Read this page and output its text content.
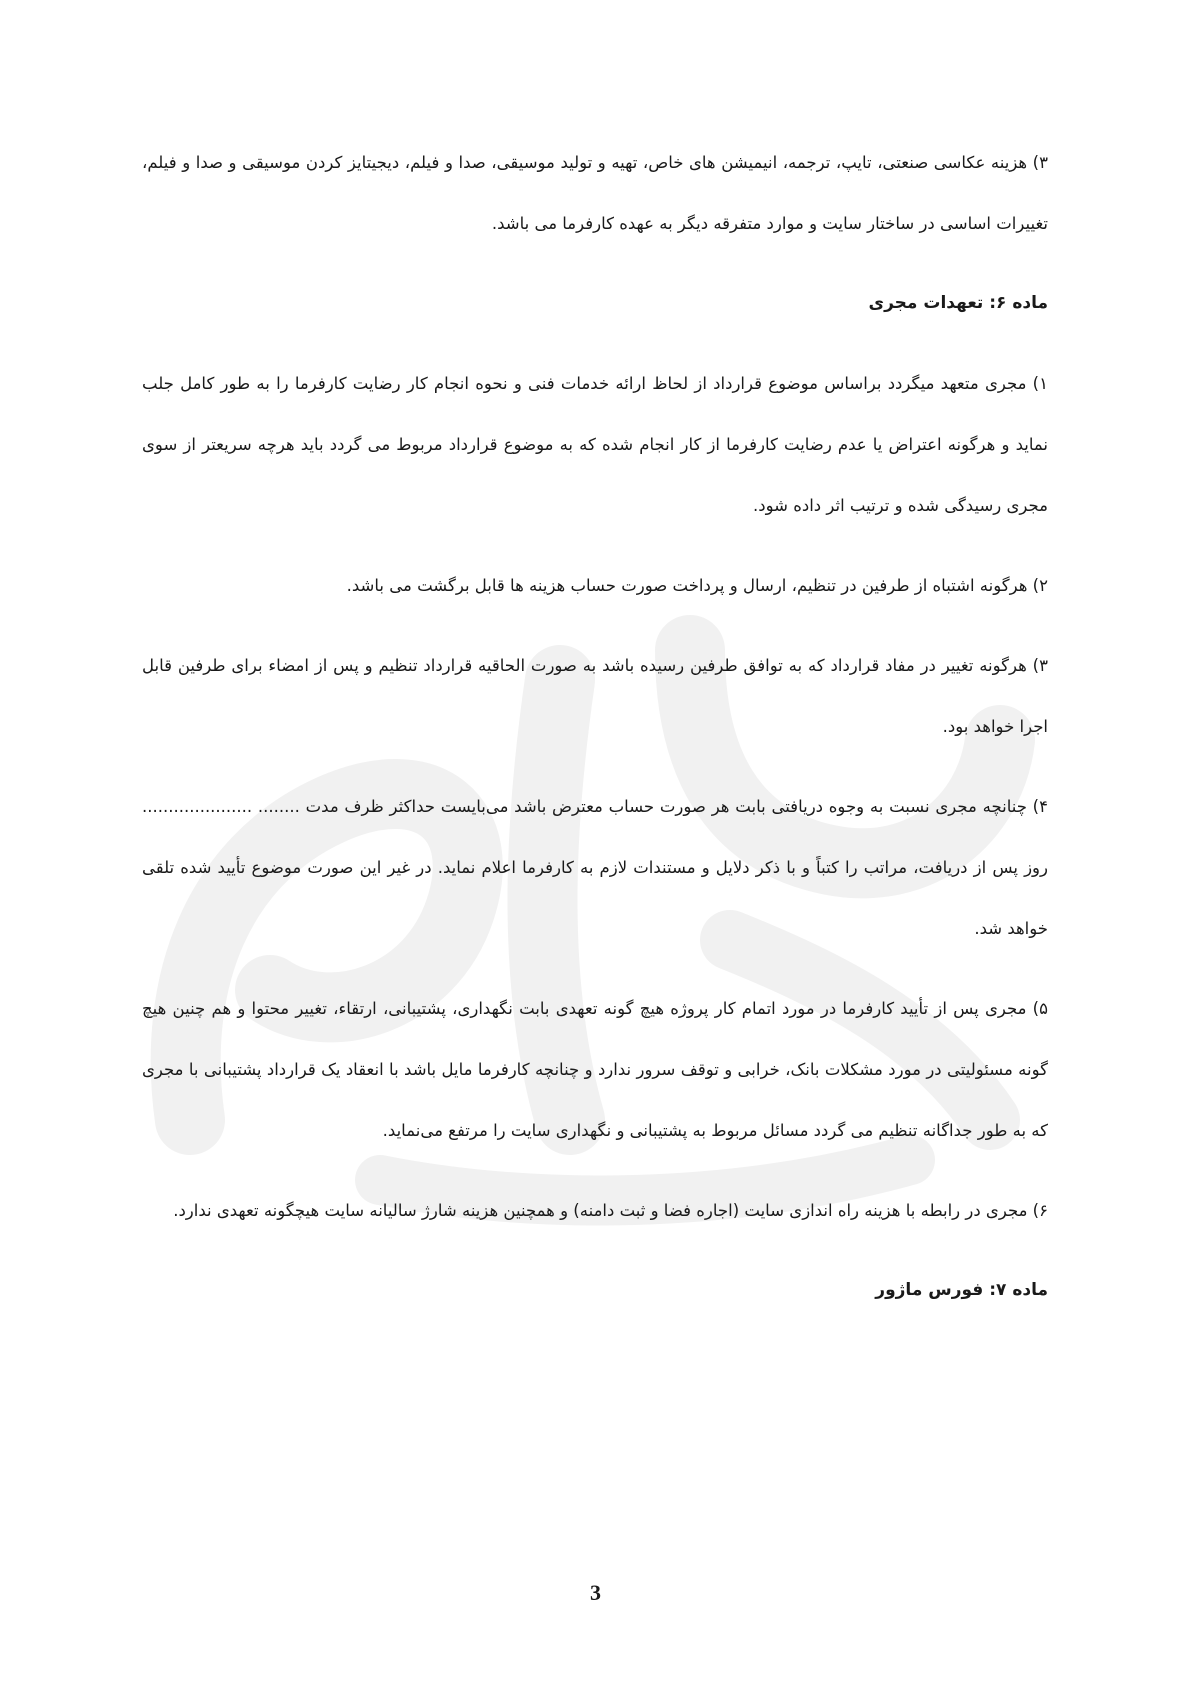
۳) هزینه عکاسی صنعتی، تایپ، ترجمه، انیمیشن های خاص، تهیه و تولید موسیقی، صدا و فیلم، دیجیتایز کردن موسیقی و صدا و فیلم، تغییرات اساسی در ساختار سایت و موارد متفرقه دیگر به عهده کارفرما می باشد.

ماده ۶: تعهدات مجری

۱) مجری متعهد میگردد براساس موضوع قرارداد از لحاظ ارائه خدمات فنی و نحوه انجام کار رضایت کارفرما را به طور کامل جلب نماید و هرگونه اعتراض یا عدم رضایت کارفرما از کار انجام شده که به موضوع قرارداد مربوط می گردد باید هرچه سریعتر از سوی مجری رسیدگی شده و ترتیب اثر داده شود.

۲) هرگونه اشتباه از طرفین در تنظیم، ارسال و پرداخت صورت حساب هزینه ها قابل برگشت می باشد.

۳) هرگونه تغییر در مفاد قرارداد که به توافق طرفین رسیده باشد به صورت الحاقیه قرارداد تنظیم و پس از امضاء برای طرفین قابل اجرا خواهد بود.

۴) چنانچه مجری نسبت به وجوه دریافتی بابت هر صورت حساب معترض باشد می‌بایست حداکثر ظرف مدت ........ ..................... روز پس از دریافت، مراتب را کتباً و با ذکر دلایل و مستندات لازم به کارفرما اعلام نماید. در غیر این صورت موضوع تأیید شده تلقی خواهد شد.

۵) مجری پس از تأیید کارفرما در مورد اتمام کار پروژه هیچ گونه تعهدی بابت نگهداری، پشتیبانی، ارتقاء، تغییر محتوا و هم چنین هیچ گونه مسئولیتی در مورد مشکلات بانک، خرابی و توقف سرور ندارد و چنانچه کارفرما مایل باشد با انعقاد یک قرارداد پشتیبانی با مجری که به طور جداگانه تنظیم می گردد مسائل مربوط به پشتیبانی و نگهداری سایت را مرتفع می‌نماید.

۶) مجری در رابطه با هزینه راه اندازی سایت (اجاره فضا و ثبت دامنه) و همچنین هزینه شارژ سالیانه سایت هیچگونه تعهدی ندارد.

ماده ۷: فورس ماژور

3
